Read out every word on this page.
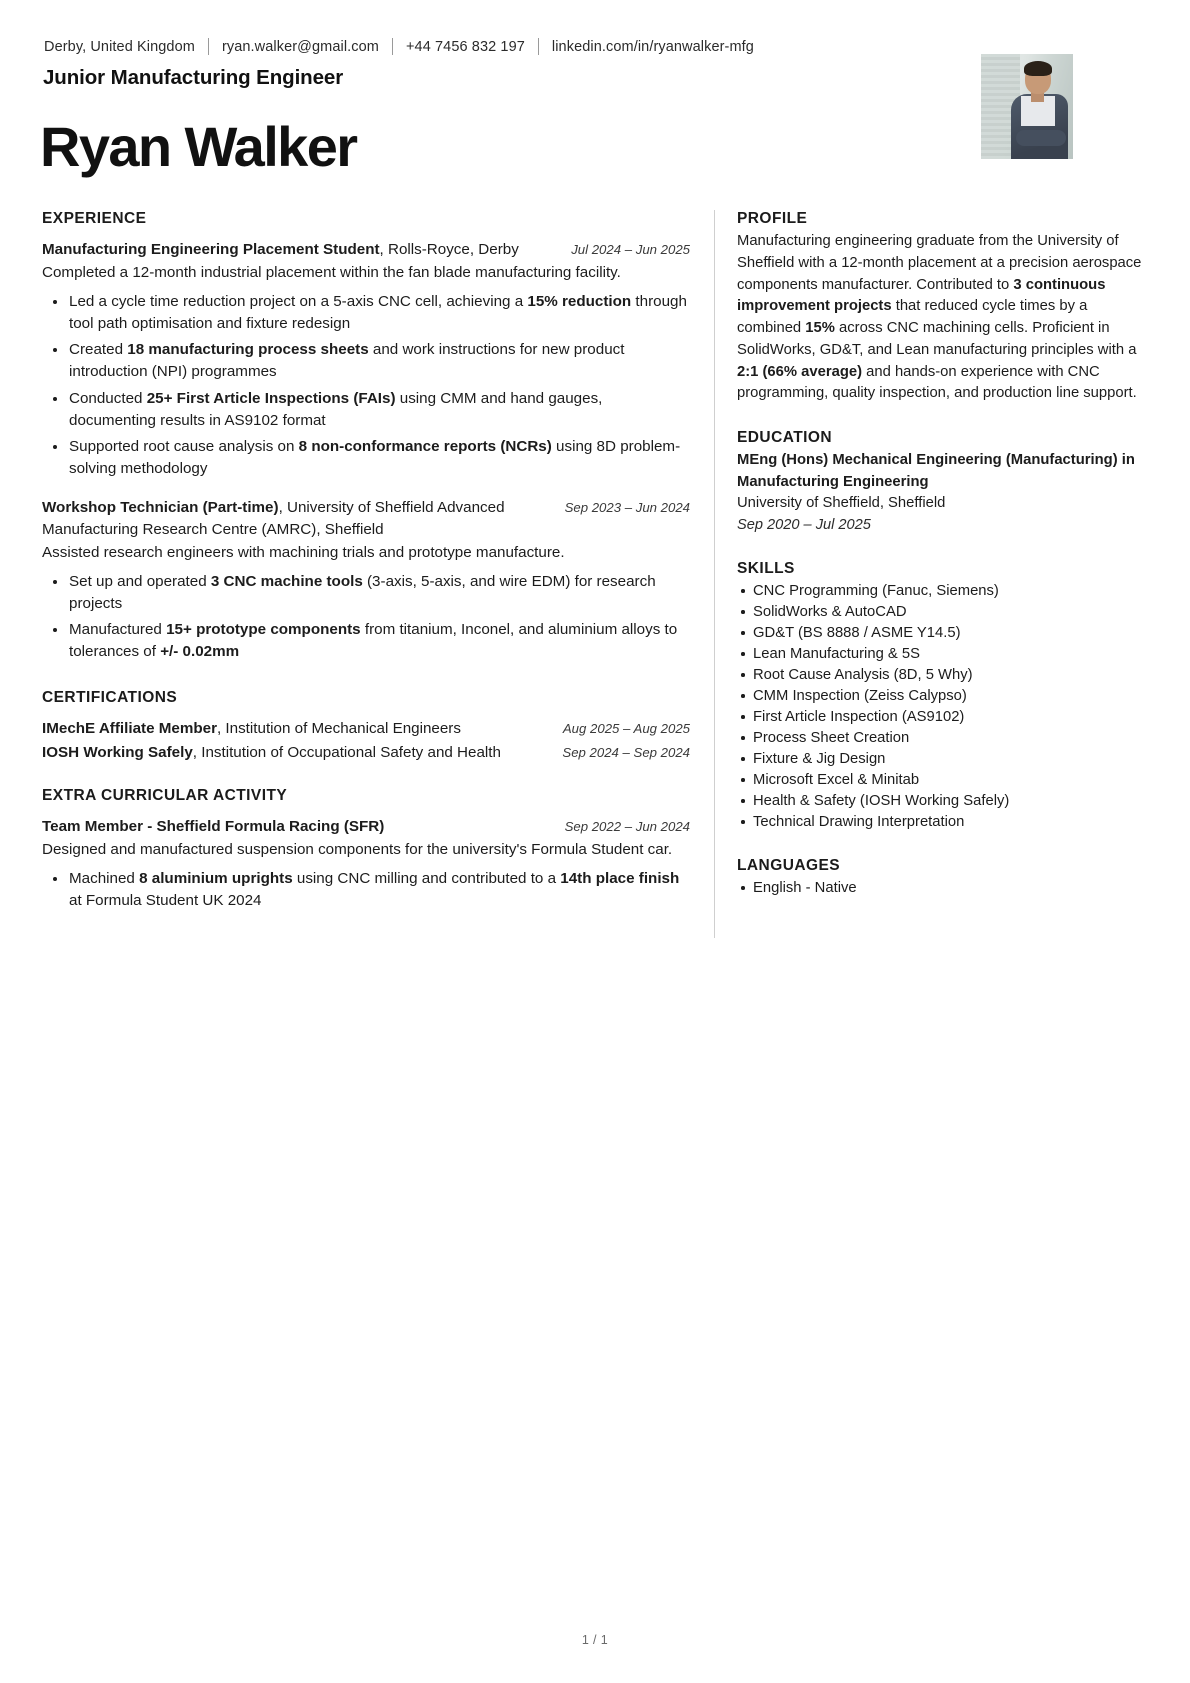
Derby, United Kingdom	ryan.walker@gmail.com	+44 7456 832 197	linkedin.com/in/ryanwalker-mfg
Junior Manufacturing Engineer
Ryan Walker
EXPERIENCE
Manufacturing Engineering Placement Student, Rolls-Royce, Derby	Jul 2024 – Jun 2025
Completed a 12-month industrial placement within the fan blade manufacturing facility.
Led a cycle time reduction project on a 5-axis CNC cell, achieving a 15% reduction through tool path optimisation and fixture redesign
Created 18 manufacturing process sheets and work instructions for new product introduction (NPI) programmes
Conducted 25+ First Article Inspections (FAIs) using CMM and hand gauges, documenting results in AS9102 format
Supported root cause analysis on 8 non-conformance reports (NCRs) using 8D problem-solving methodology
Workshop Technician (Part-time), University of Sheffield Advanced Manufacturing Research Centre (AMRC), Sheffield
Sep 2023 – Jun 2024
Assisted research engineers with machining trials and prototype manufacture.
Set up and operated 3 CNC machine tools (3-axis, 5-axis, and wire EDM) for research projects
Manufactured 15+ prototype components from titanium, Inconel, and aluminium alloys to tolerances of +/- 0.02mm
CERTIFICATIONS
IMechE Affiliate Member, Institution of Mechanical Engineers	Aug 2025 – Aug 2025
IOSH Working Safely, Institution of Occupational Safety and Health	Sep 2024 – Sep 2024
EXTRA CURRICULAR ACTIVITY
Team Member - Sheffield Formula Racing (SFR)	Sep 2022 – Jun 2024
Designed and manufactured suspension components for the university's Formula Student car.
Machined 8 aluminium uprights using CNC milling and contributed to a 14th place finish at Formula Student UK 2024
PROFILE
Manufacturing engineering graduate from the University of Sheffield with a 12-month placement at a precision aerospace components manufacturer. Contributed to 3 continuous improvement projects that reduced cycle times by a combined 15% across CNC machining cells. Proficient in SolidWorks, GD&T, and Lean manufacturing principles with a 2:1 (66% average) and hands-on experience with CNC programming, quality inspection, and production line support.
EDUCATION
MEng (Hons) Mechanical Engineering (Manufacturing) in Manufacturing Engineering
University of Sheffield, Sheffield
Sep 2020 – Jul 2025
SKILLS
CNC Programming (Fanuc, Siemens)
SolidWorks & AutoCAD
GD&T (BS 8888 / ASME Y14.5)
Lean Manufacturing & 5S
Root Cause Analysis (8D, 5 Why)
CMM Inspection (Zeiss Calypso)
First Article Inspection (AS9102)
Process Sheet Creation
Fixture & Jig Design
Microsoft Excel & Minitab
Health & Safety (IOSH Working Safely)
Technical Drawing Interpretation
LANGUAGES
English - Native
1 / 1
